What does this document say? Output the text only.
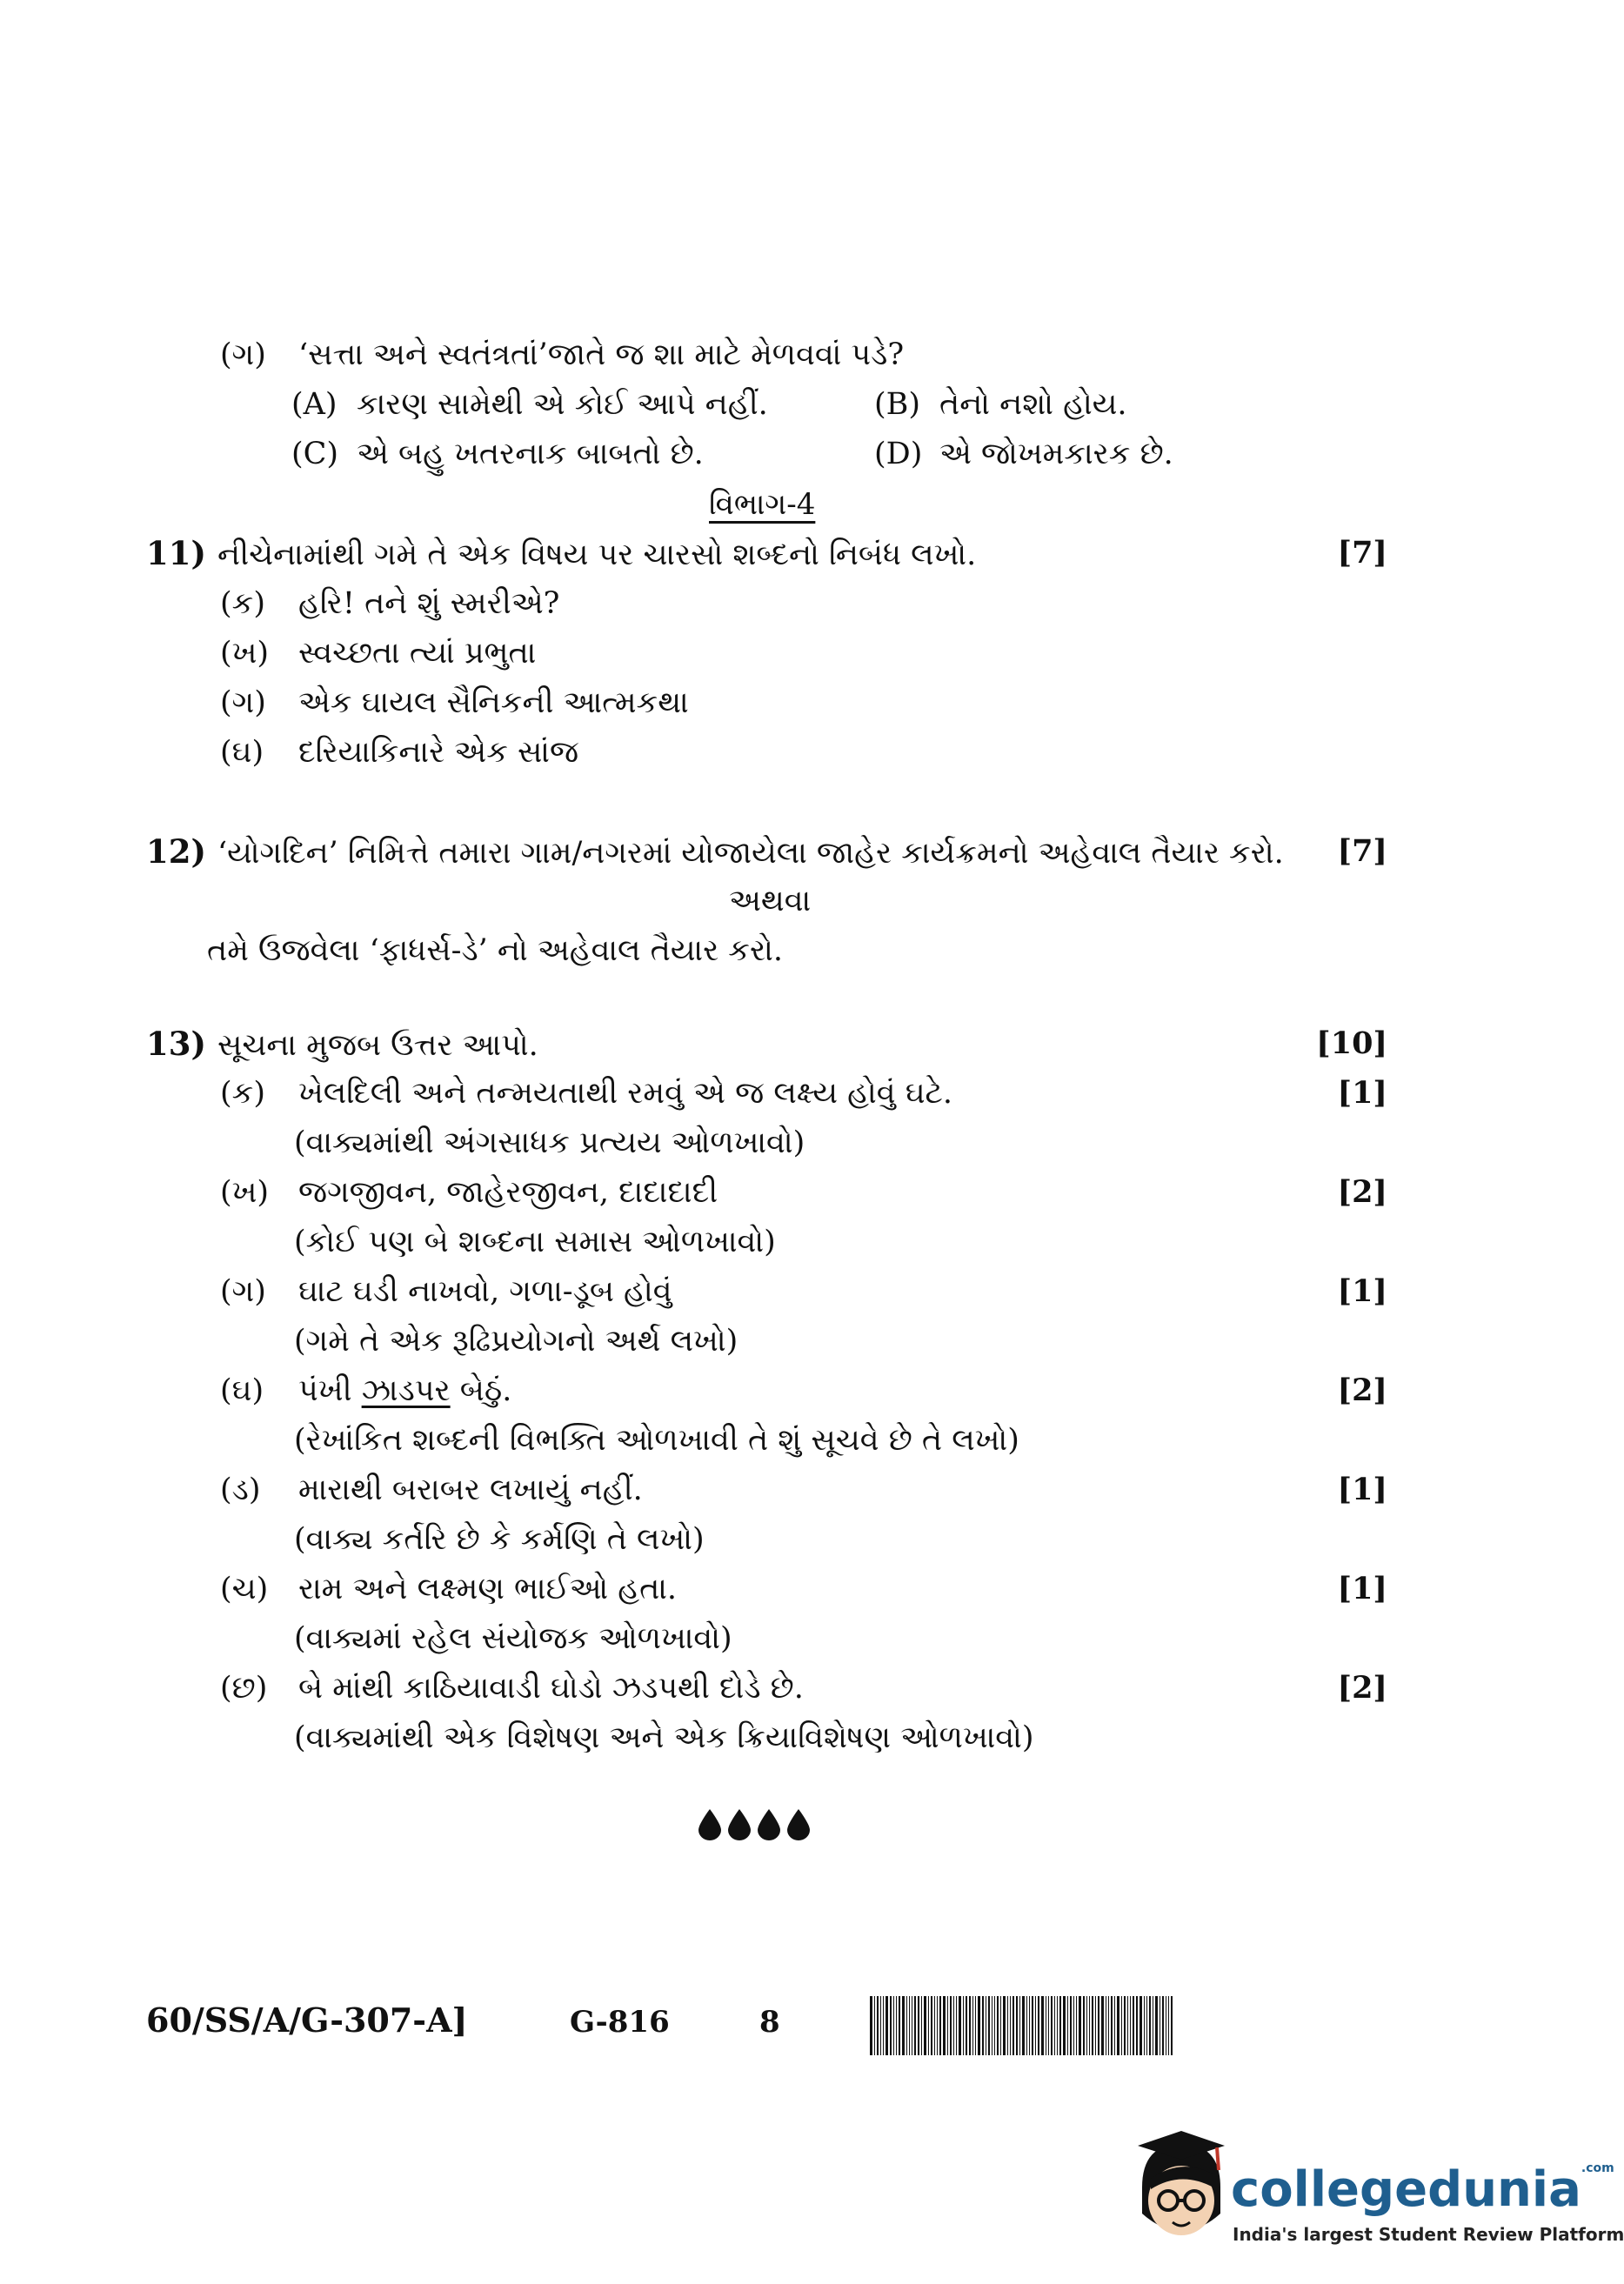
(ગ) ‘સત્તા અને સ્વતંત્રતાં’જાતે જ શા માટે મેળવવાં પડે?
(A) કારણ સામેથી એ કોઈ આપે નહીં.	(B) તેનો નશો હોય.
(C) એ બહુ ખતરનાક બાબતો છે.	(D) એ જોખમકારક છે.
વિભાગ-4
11) નીચેનામાંથી ગમે તે એક વિષય પર ચારસો શબ્દનો નિબંધ લખો.	[7]
(ક) હરિ! તને શું સ્મરીએ?
(ખ) સ્વચ્છતા ત્યાં પ્રભુતા
(ગ) એક ઘાયલ સૈનિકની આત્મકથા
(ઘ) દરિયાકિનારે એક સાંજ
12) ‘યોગદિન’ નિમિત્તે તમારા ગામ/નગરમાં યોજાયેલા જાહેર કાર્યક્રમનો અહેવાલ તૈયાર કરો. [7]
અથવા
તમે ઉજવેલા ‘ફાધર્સ-ડે’ નો અહેવાલ તૈયાર કરો.
13) સૂચના મુજબ ઉત્તર આપો.	[10]
(ક) ખેલદિલી અને તન્મયતાથી રમવું એ જ લક્ષ્ય હોવું ઘટે.	[1]
(વાક્યમાંથી અંગસાધક પ્રત્યય ઓળખાવો)
(ખ) જગજીવન, જાહેરજીવન, દાદાદાદી	[2]
(કોઈ પણ બે શબ્દના સમાસ ઓળખાવો)
(ગ) ઘાટ ઘડી નાખવો, ગળા-ડૂબ હોવું	[1]
(ગમે તે એક રૂઢિપ્રયોગનો અર્થ લખો)
(ઘ) પંખી ઝાડપર બેઠું.	[2]
(રેખાંકિત શબ્દની વિભક્તિ ઓળખાવી તે શું સૂચવે છે તે લખો)
(ડ) મારાથી બરાબર લખાયું નહીં.	[1]
(વાક્ય કર્તરિ છે કે કર્મણિ તે લખો)
(ચ) રામ અને લક્ષ્મણ ભાઈઓ હતા.	[1]
(વાક્યમાં રહેલ સંયોજક ઓળખાવો)
(છ) બે માંથી કાઠિયાવાડી ઘોડો ઝડપથી દોડે છે.	[2]
(વાક્યમાંથી એક વિશેષણ અને એક ક્રિયાવિશેષણ ઓળખાવો)
60/SS/A/G-307-A]	G-816	8
collegedunia$^{.com}$
India's largest Student Review Platform
